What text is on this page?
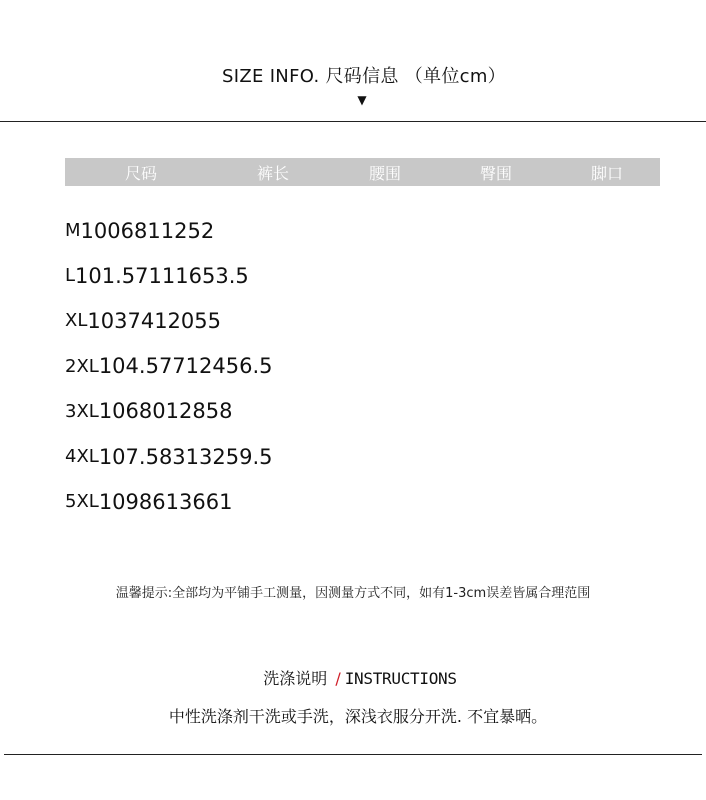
SIZE INFO. 尺码信息 （单位cm）
▼
尺码	裤长	腰围	臀围	脚口
M 100 68 112 52
L 101.5 71 116 53.5
XL 103 74 120 55
2XL 104.5 77 124 56.5
3XL 106 80 128 58
4XL 107.5 83 132 59.5
5XL 109 86 136 61
温馨提示:全部均为平铺手工测量，因测量方式不同，如有1-3cm误差皆属合理范围
洗涤说明 / INSTRUCTIONS
中性洗涤剂干洗或手洗，深浅衣服分开洗. 不宜暴晒。
